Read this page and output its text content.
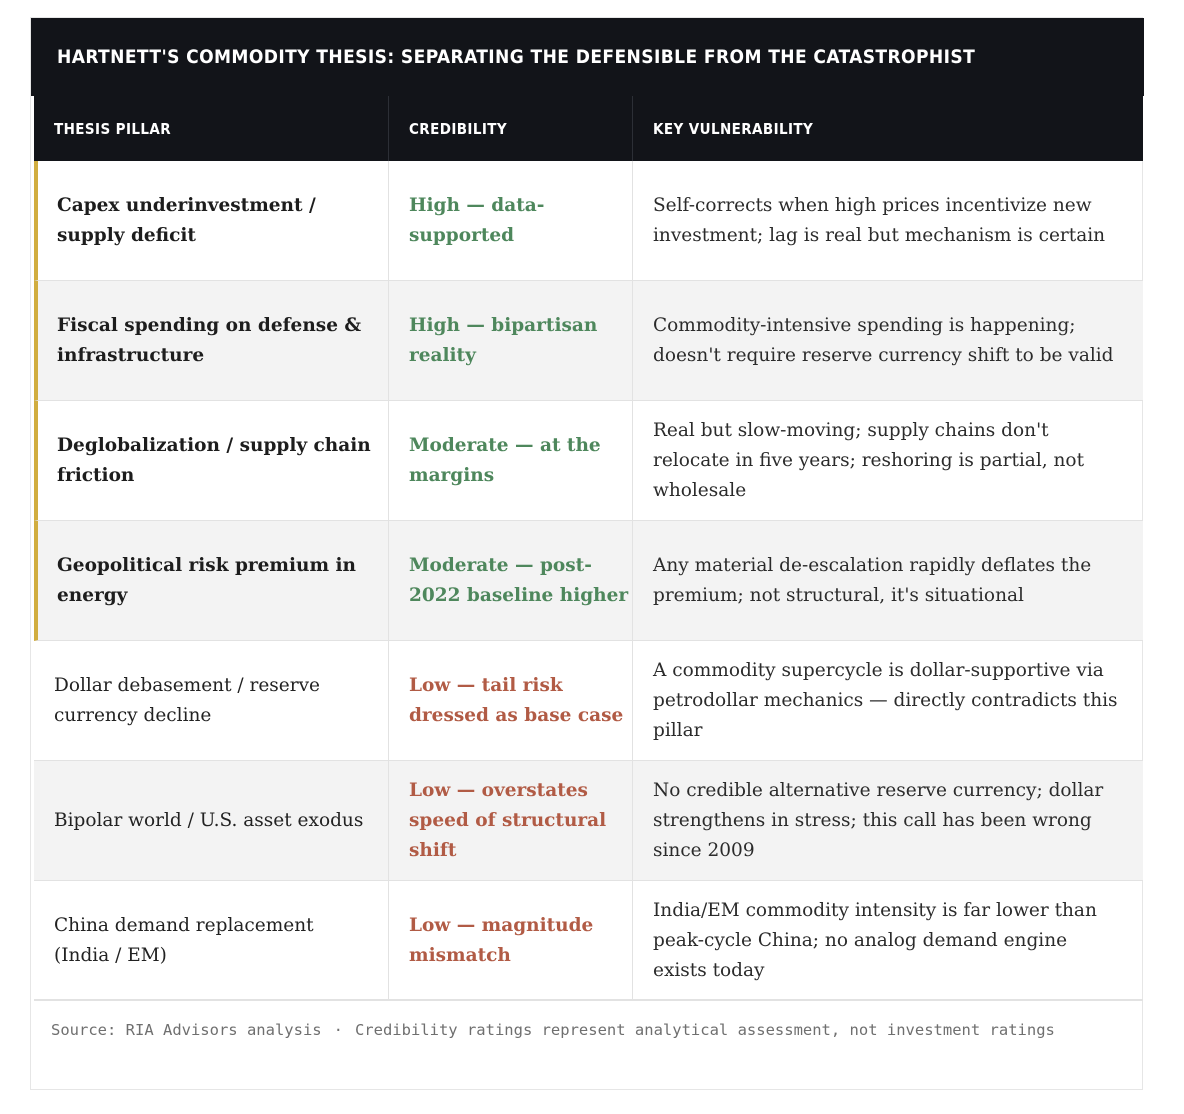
HARTNETT'S COMMODITY THESIS: SEPARATING THE DEFENSIBLE FROM THE CATASTROPHIST
THESIS PILLAR	CREDIBILITY	KEY VULNERABILITY
Capex underinvestment / supply deficit
High — data-supported
Self-corrects when high prices incentivize new investment; lag is real but mechanism is certain
Fiscal spending on defense & infrastructure
High — bipartisan reality
Commodity-intensive spending is happening; doesn't require reserve currency shift to be valid
Deglobalization / supply chain friction
Moderate — at the margins
Real but slow-moving; supply chains don't relocate in five years; reshoring is partial, not wholesale
Geopolitical risk premium in energy
Moderate — post-2022 baseline higher
Any material de-escalation rapidly deflates the premium; not structural, it's situational
Dollar debasement / reserve currency decline
Low — tail risk dressed as base case
A commodity supercycle is dollar-supportive via petrodollar mechanics — directly contradicts this pillar
Bipolar world / U.S. asset exodus
Low — overstates speed of structural shift
No credible alternative reserve currency; dollar strengthens in stress; this call has been wrong since 2009
China demand replacement (India / EM)
Low — magnitude mismatch
India/EM commodity intensity is far lower than peak-cycle China; no analog demand engine exists today
Source: RIA Advisors analysis · Credibility ratings represent analytical assessment, not investment ratings
